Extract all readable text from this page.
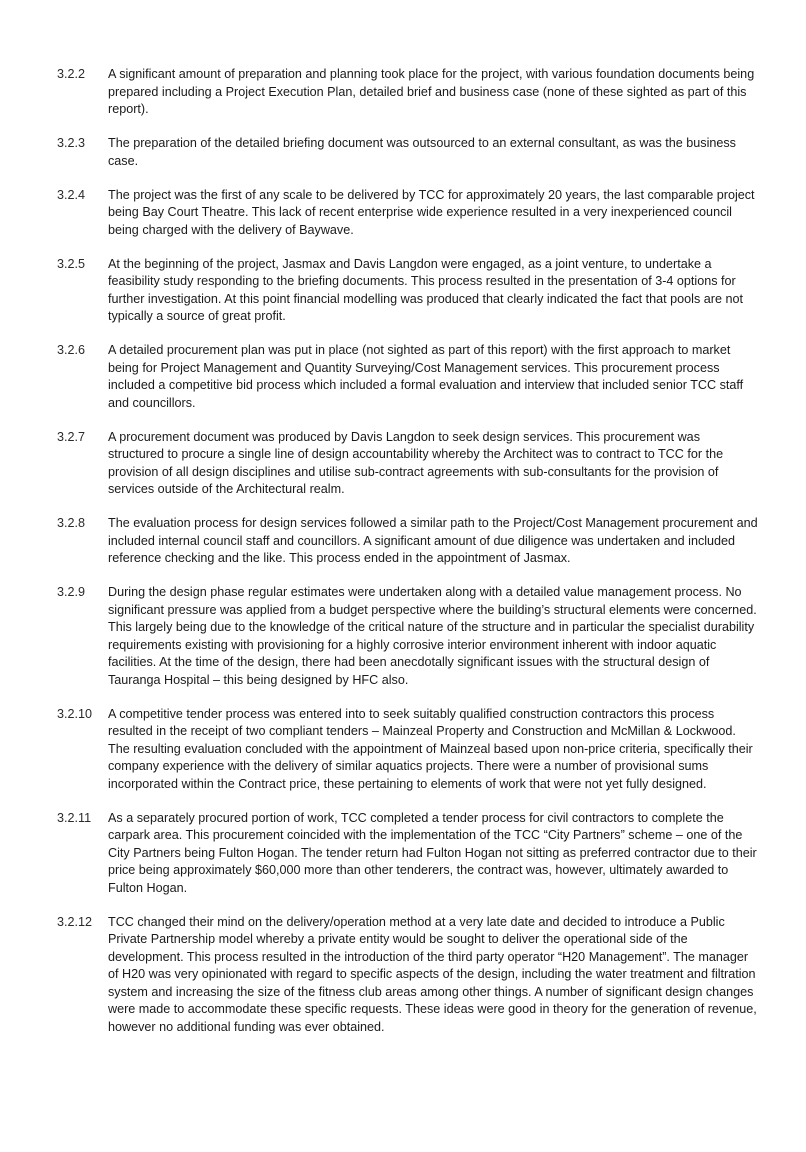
3.2.2	A significant amount of preparation and planning took place for the project, with various foundation documents being prepared including a Project Execution Plan, detailed brief and business case (none of these sighted as part of this report).
3.2.3	The preparation of the detailed briefing document was outsourced to an external consultant, as was the business case.
3.2.4	The project was the first of any scale to be delivered by TCC for approximately 20 years, the last comparable project being Bay Court Theatre. This lack of recent enterprise wide experience resulted in a very inexperienced council being charged with the delivery of Baywave.
3.2.5	At the beginning of the project, Jasmax and Davis Langdon were engaged, as a joint venture, to undertake a feasibility study responding to the briefing documents. This process resulted in the presentation of 3-4 options for further investigation. At this point financial modelling was produced that clearly indicated the fact that pools are not typically a source of great profit.
3.2.6	A detailed procurement plan was put in place (not sighted as part of this report) with the first approach to market being for Project Management and Quantity Surveying/Cost Management services. This procurement process included a competitive bid process which included a formal evaluation and interview that included senior TCC staff and councillors.
3.2.7	A procurement document was produced by Davis Langdon to seek design services. This procurement was structured to procure a single line of design accountability whereby the Architect was to contract to TCC for the provision of all design disciplines and utilise sub-contract agreements with sub-consultants for the provision of services outside of the Architectural realm.
3.2.8	The evaluation process for design services followed a similar path to the Project/Cost Management procurement and included internal council staff and councillors. A significant amount of due diligence was undertaken and included reference checking and the like. This process ended in the appointment of Jasmax.
3.2.9	During the design phase regular estimates were undertaken along with a detailed value management process. No significant pressure was applied from a budget perspective where the building’s structural elements were concerned. This largely being due to the knowledge of the critical nature of the structure and in particular the specialist durability requirements existing with provisioning for a highly corrosive interior environment inherent with indoor aquatic facilities. At the time of the design, there had been anecdotally significant issues with the structural design of Tauranga Hospital – this being designed by HFC also.
3.2.10	A competitive tender process was entered into to seek suitably qualified construction contractors this process resulted in the receipt of two compliant tenders – Mainzeal Property and Construction and McMillan & Lockwood. The resulting evaluation concluded with the appointment of Mainzeal based upon non-price criteria, specifically their company experience with the delivery of similar aquatics projects. There were a number of provisional sums incorporated within the Contract price, these pertaining to elements of work that were not yet fully designed.
3.2.11	As a separately procured portion of work, TCC completed a tender process for civil contractors to complete the carpark area. This procurement coincided with the implementation of the TCC “City Partners” scheme – one of the City Partners being Fulton Hogan. The tender return had Fulton Hogan not sitting as preferred contractor due to their price being approximately $60,000 more than other tenderers, the contract was, however, ultimately awarded to Fulton Hogan.
3.2.12	TCC changed their mind on the delivery/operation method at a very late date and decided to introduce a Public Private Partnership model whereby a private entity would be sought to deliver the operational side of the development. This process resulted in the introduction of the third party operator “H20 Management”. The manager of H20 was very opinionated with regard to specific aspects of the design, including the water treatment and filtration system and increasing the size of the fitness club areas among other things. A number of significant design changes were made to accommodate these specific requests. These ideas were good in theory for the generation of revenue, however no additional funding was ever obtained.
